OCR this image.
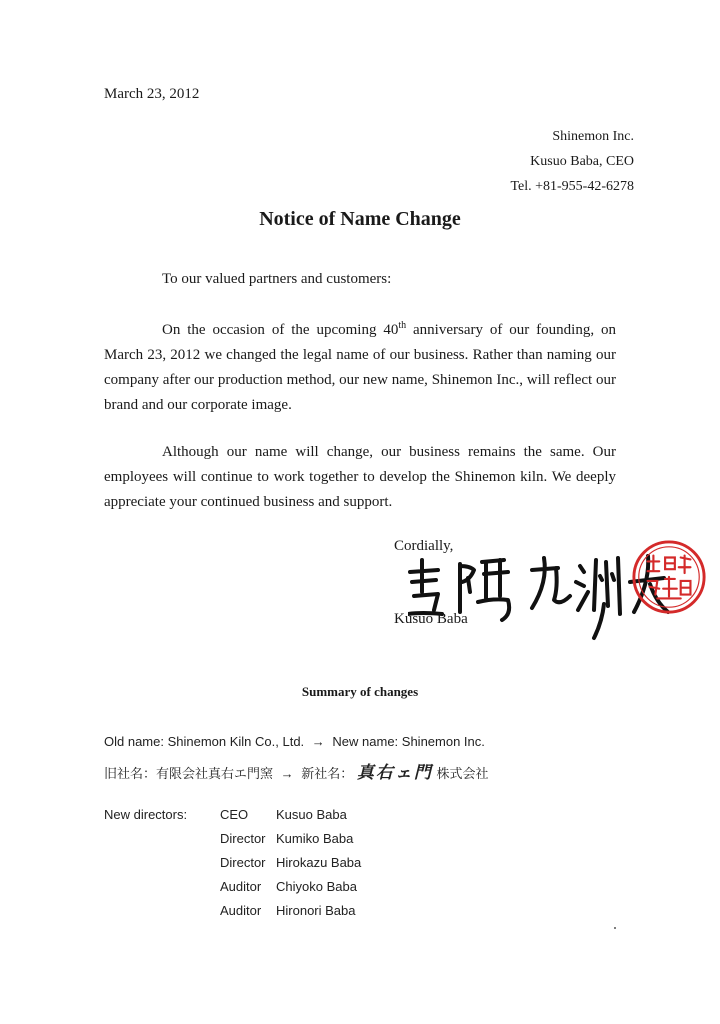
March 23, 2012
Shinemon Inc.
Kusuo Baba, CEO
Tel. +81-955-42-6278
Notice of Name Change
To our valued partners and customers:

On the occasion of the upcoming 40th anniversary of our founding, on March 23, 2012 we changed the legal name of our business. Rather than naming our company after our production method, our new name, Shinemon Inc., will reflect our brand and our corporate image.

Although our name will change, our business remains the same. Our employees will continue to work together to develop the Shinemon kiln. We deeply appreciate your continued business and support.

Cordially,
Kusuo Baba
Summary of changes
Old name: Shinemon Kiln Co., Ltd. → New name: Shinemon Inc.
旧社名：有限会社真右エ門窯 → 新社名： 真右ェ門 株式会社
New directors:	CEO	Kusuo Baba
Director	Kumiko Baba
Director	Hirokazu Baba
Auditor	Chiyoko Baba
Auditor	Hironori Baba
